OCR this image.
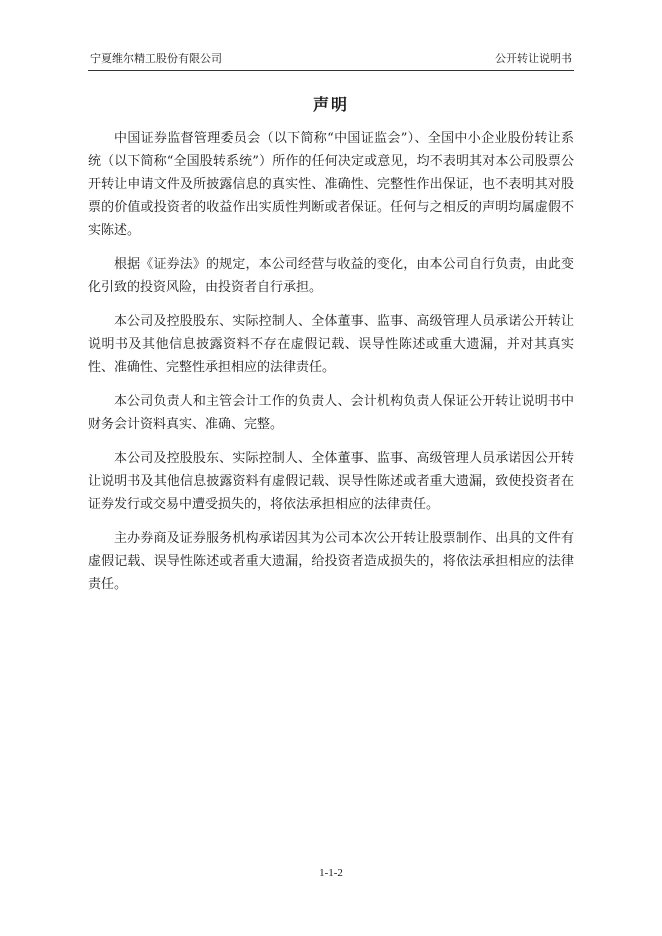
宁夏维尔精工股份有限公司	公开转让说明书
声明

中国证券监督管理委员会（以下简称“中国证监会”）、全国中小企业股份转让系统（以下简称“全国股转系统”）所作的任何决定或意见，均不表明其对本公司股票公开转让申请文件及所披露信息的真实性、准确性、完整性作出保证，也不表明其对股票的价值或投资者的收益作出实质性判断或者保证。任何与之相反的声明均属虚假不实陈述。

根据《证券法》的规定，本公司经营与收益的变化，由本公司自行负责，由此变化引致的投资风险，由投资者自行承担。

本公司及控股股东、实际控制人、全体董事、监事、高级管理人员承诺公开转让说明书及其他信息披露资料不存在虚假记载、误导性陈述或重大遗漏，并对其真实性、准确性、完整性承担相应的法律责任。

本公司负责人和主管会计工作的负责人、会计机构负责人保证公开转让说明书中财务会计资料真实、准确、完整。

本公司及控股股东、实际控制人、全体董事、监事、高级管理人员承诺因公开转让说明书及其他信息披露资料有虚假记载、误导性陈述或者重大遗漏，致使投资者在证券发行或交易中遭受损失的，将依法承担相应的法律责任。

主办券商及证券服务机构承诺因其为公司本次公开转让股票制作、出具的文件有虚假记载、误导性陈述或者重大遗漏，给投资者造成损失的，将依法承担相应的法律责任。

1-1-2
